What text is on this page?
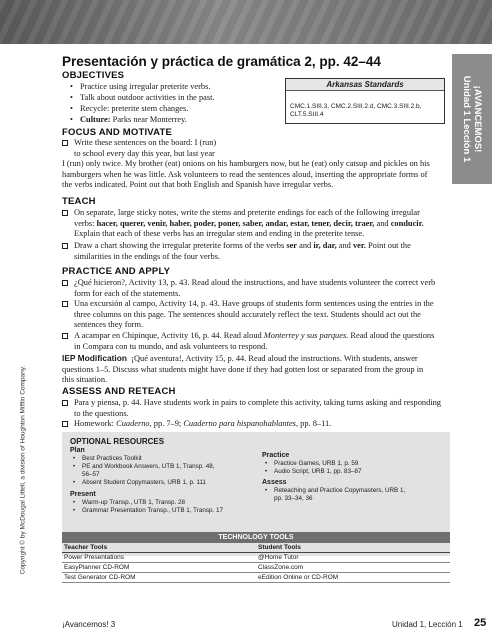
¡AVANCEMOS!
Unidad 1 Lección 1
Copyright © by McDougal Littell, a division of Houghton Mifflin Company.
Presentación y práctica de gramática 2, pp. 42–44
OBJECTIVES
• Practice using irregular preterite verbs.
• Talk about outdoor activities in the past.
• Recycle: preterite stem changes.
• Culture: Parks near Monterrey.
Arkansas Standards
CMC.1.SIII.3, CMC.2.SIII.2.d, CMC.3.SIII.2.b, CLT.5.SIII.4
FOCUS AND MOTIVATE
Write these sentences on the board: I (run)
to school every day this year, but last year
I (run) only twice. My brother (eat) onions on his hamburgers now, but he (eat) only catsup and pickles on his
hamburgers when he was little. Ask volunteers to read the sentences aloud, inserting the appropriate forms of
the verbs indicated. Point out that both English and Spanish have irregular verbs.
TEACH
On separate, large sticky notes, write the stems and preterite endings for each of the following irregular
verbs: hacer, querer, venir, haber, poder, poner, saber, andar, estar, tener, decir, traer, and conducir.
Explain that each of these verbs has an irregular stem and ending in the preterite tense.
Draw a chart showing the irregular preterite forms of the verbs ser and ir, dar, and ver. Point out the
similarities in the endings of the four verbs.
PRACTICE AND APPLY
¿Qué hicieron?, Activity 13, p. 43. Read aloud the instructions, and have students volunteer the correct verb
form for each of the statements.
Una excursión al campo, Activity 14, p. 43. Have groups of students form sentences using the entries in the
three columns on this page. The sentences should accurately reflect the text. Students should act out the
sentences they form.
A acampar en Chipinque, Activity 16, p. 44. Read aloud Monterrey y sus parques. Read aloud the questions
in Compara con tu mundo, and ask volunteers to respond.
IEP Modification ¡Qué aventura!, Activity 15, p. 44. Read aloud the instructions. With students, answer
questions 1–5. Discuss what students might have done if they had gotten lost or separated from the group in
this situation.
ASSESS AND RETEACH
Para y piensa, p. 44. Have students work in pairs to complete this activity, taking turns asking and responding
to the questions.
Homework: Cuaderno, pp. 7–9; Cuaderno para hispanohablantes, pp. 8–11.
OPTIONAL RESOURCES
Plan
•	Best Practices Toolkit
•	PE and Workbook Answers, UTB 1, Transp. 48,
56–57
•	Absent Student Copymasters, URB 1, p. 111
Present
•	Warm-up Transp., UTB 1, Transp. 28
•	Grammar Presentation Transp., UTB 1, Transp. 17
Practice
•	Practice Games, URB 1, p. 59
•	Audio Script, URB 1, pp. 83–87
Assess
•	Reteaching and Practice Copymasters, URB 1,
pp. 33–34, 36
TECHNOLOGY TOOLS
Teacher Tools	Student Tools
Power Presentations	@Home Tutor
EasyPlanner CD-ROM	ClassZone.com
Test Generator CD-ROM	eEdition Online or CD-ROM
¡Avancemos! 3	Unidad 1, Lección 1 25
